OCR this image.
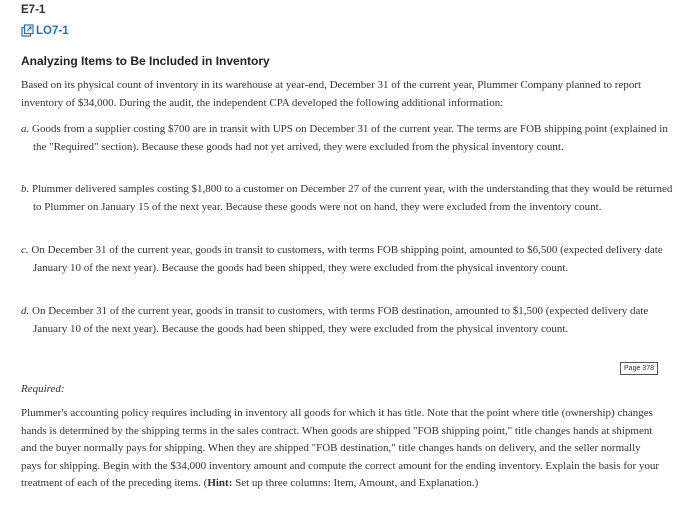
E7-1
LO7-1
Analyzing Items to Be Included in Inventory

Based on its physical count of inventory in its warehouse at year-end, December 31 of the current year, Plummer Company planned to report inventory of $34,000. During the audit, the independent CPA developed the following additional information:

a. Goods from a supplier costing $700 are in transit with UPS on December 31 of the current year. The terms are FOB shipping point (explained in the "Required" section). Because these goods had not yet arrived, they were excluded from the physical inventory count.

b. Plummer delivered samples costing $1,800 to a customer on December 27 of the current year, with the understanding that they would be returned to Plummer on January 15 of the next year. Because these goods were not on hand, they were excluded from the inventory count.

c. On December 31 of the current year, goods in transit to customers, with terms FOB shipping point, amounted to $6,500 (expected delivery date January 10 of the next year). Because the goods had been shipped, they were excluded from the physical inventory count.

d. On December 31 of the current year, goods in transit to customers, with terms FOB destination, amounted to $1,500 (expected delivery date January 10 of the next year). Because the goods had been shipped, they were excluded from the physical inventory count.

Page 378

Required:

Plummer's accounting policy requires including in inventory all goods for which it has title. Note that the point where title (ownership) changes hands is determined by the shipping terms in the sales contract. When goods are shipped "FOB shipping point," title changes hands at shipment and the buyer normally pays for shipping. When they are shipped "FOB destination," title changes hands on delivery, and the seller normally pays for shipping. Begin with the $34,000 inventory amount and compute the correct amount for the ending inventory. Explain the basis for your treatment of each of the preceding items. (Hint: Set up three columns: Item, Amount, and Explanation.)
